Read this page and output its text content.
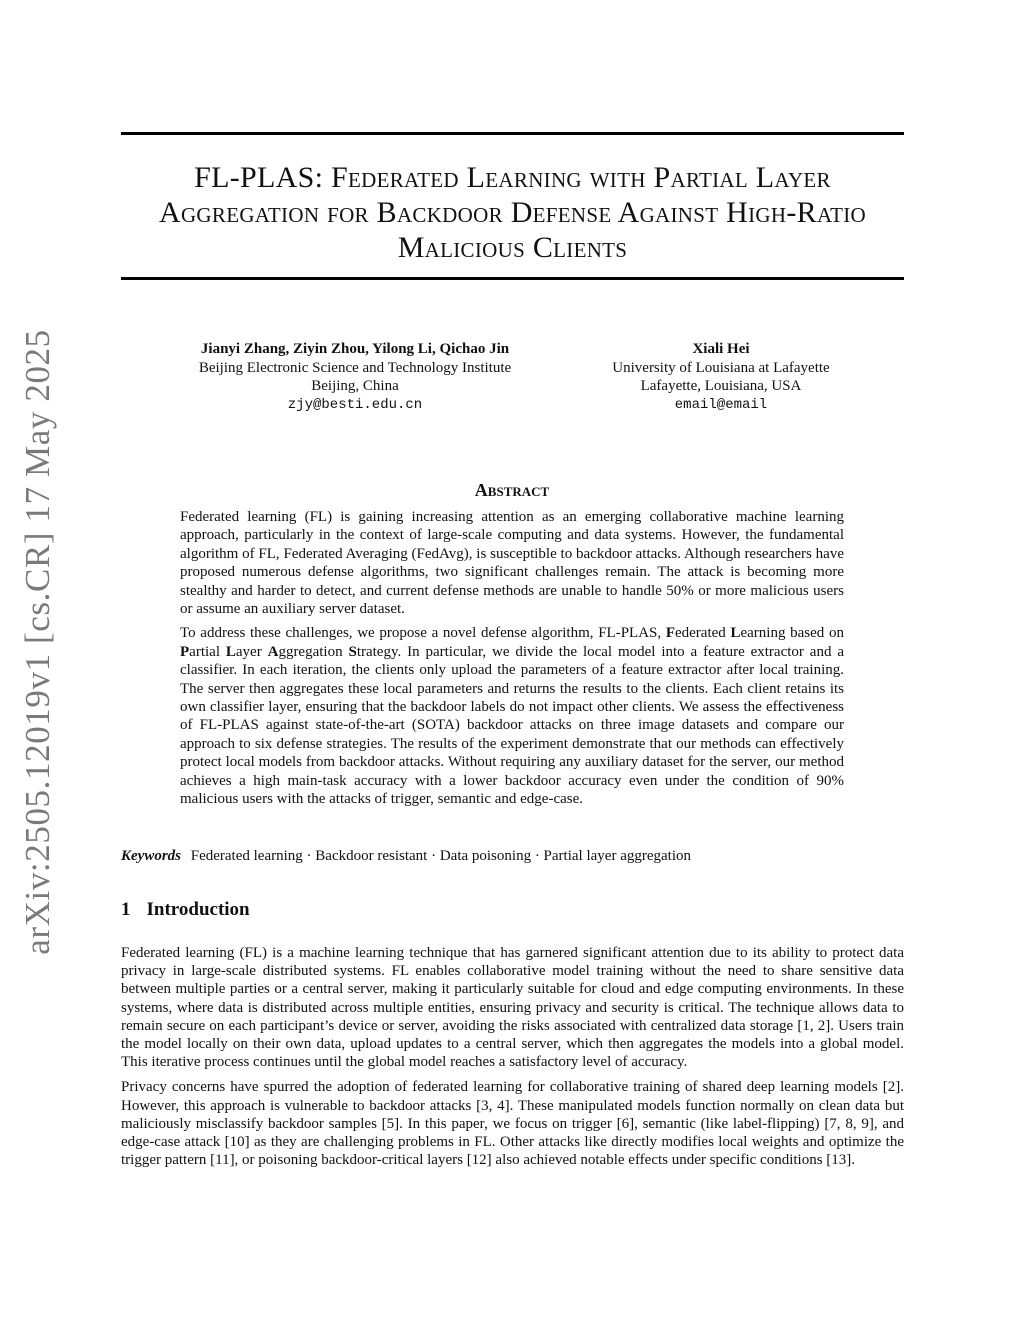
arXiv:2505.12019v1 [cs.CR] 17 May 2025
FL-PLAS: Federated Learning with Partial Layer
Aggregation for Backdoor Defense Against High-Ratio
Malicious Clients
Jianyi Zhang, Ziyin Zhou, Yilong Li, Qichao Jin
Beijing Electronic Science and Technology Institute
Beijing, China
zjy@besti.edu.cn
Xiali Hei
University of Louisiana at Lafayette
Lafayette, Louisiana, USA
email@email
Abstract

Federated learning (FL) is gaining increasing attention as an emerging collaborative machine learning approach, particularly in the context of large-scale computing and data systems. However, the fundamental algorithm of FL, Federated Averaging (FedAvg), is susceptible to backdoor attacks. Although researchers have proposed numerous defense algorithms, two significant challenges remain. The attack is becoming more stealthy and harder to detect, and current defense methods are unable to handle 50% or more malicious users or assume an auxiliary server dataset.

To address these challenges, we propose a novel defense algorithm, FL-PLAS, Federated Learning based on Partial Layer Aggregation Strategy. In particular, we divide the local model into a feature extractor and a classifier. In each iteration, the clients only upload the parameters of a feature extractor after local training. The server then aggregates these local parameters and returns the results to the clients. Each client retains its own classifier layer, ensuring that the backdoor labels do not impact other clients. We assess the effectiveness of FL-PLAS against state-of-the-art (SOTA) backdoor attacks on three image datasets and compare our approach to six defense strategies. The results of the experiment demonstrate that our methods can effectively protect local models from backdoor attacks. Without requiring any auxiliary dataset for the server, our method achieves a high main-task accuracy with a lower backdoor accuracy even under the condition of 90% malicious users with the attacks of trigger, semantic and edge-case.

Keywords Federated learning · Backdoor resistant · Data poisoning · Partial layer aggregation
1 Introduction

Federated learning (FL) is a machine learning technique that has garnered significant attention due to its ability to protect data privacy in large-scale distributed systems. FL enables collaborative model training without the need to share sensitive data between multiple parties or a central server, making it particularly suitable for cloud and edge computing environments. In these systems, where data is distributed across multiple entities, ensuring privacy and security is critical. The technique allows data to remain secure on each participant’s device or server, avoiding the risks associated with centralized data storage [1, 2]. Users train the model locally on their own data, upload updates to a central server, which then aggregates the models into a global model. This iterative process continues until the global model reaches a satisfactory level of accuracy.

Privacy concerns have spurred the adoption of federated learning for collaborative training of shared deep learning models [2]. However, this approach is vulnerable to backdoor attacks [3, 4]. These manipulated models function normally on clean data but maliciously misclassify backdoor samples [5]. In this paper, we focus on trigger [6], semantic (like label-flipping) [7, 8, 9], and edge-case attack [10] as they are challenging problems in FL. Other attacks like directly modifies local weights and optimize the trigger pattern [11], or poisoning backdoor-critical layers [12] also achieved notable effects under specific conditions [13].
